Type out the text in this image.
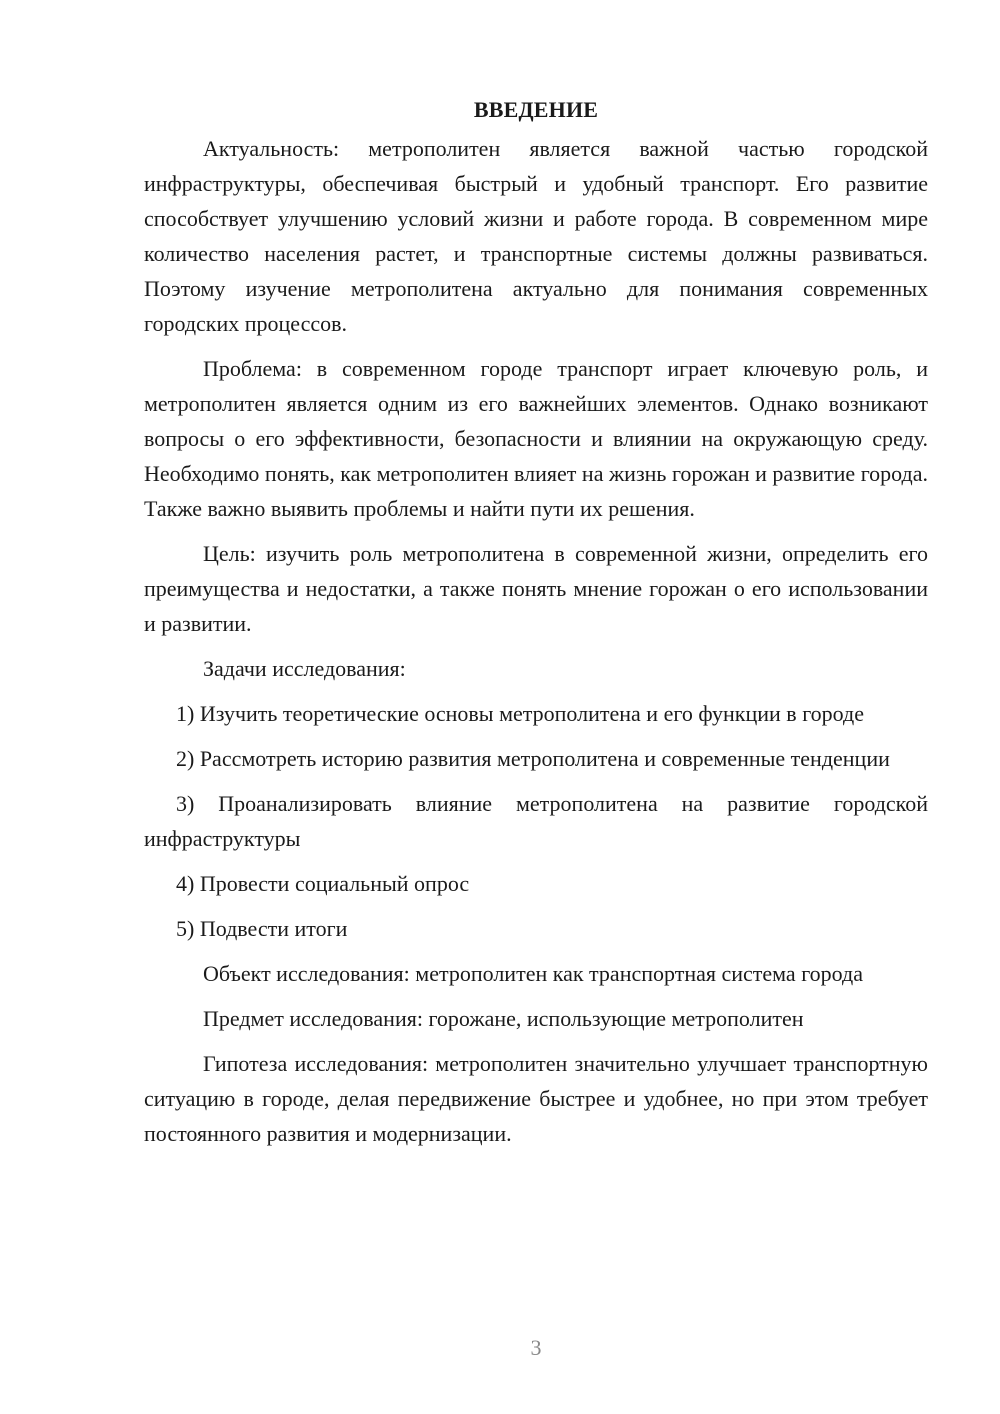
ВВЕДЕНИЕ

Актуальность: метрополитен является важной частью городской инфраструктуры, обеспечивая быстрый и удобный транспорт. Его развитие способствует улучшению условий жизни и работе города. В современном мире количество населения растет, и транспортные системы должны развиваться. Поэтому изучение метрополитена актуально для понимания современных городских процессов.

Проблема: в современном городе транспорт играет ключевую роль, и метрополитен является одним из его важнейших элементов. Однако возникают вопросы о его эффективности, безопасности и влиянии на окружающую среду. Необходимо понять, как метрополитен влияет на жизнь горожан и развитие города. Также важно выявить проблемы и найти пути их решения.

Цель: изучить роль метрополитена в современной жизни, определить его преимущества и недостатки, а также понять мнение горожан о его использовании и развитии.

Задачи исследования:

1) Изучить теоретические основы метрополитена и его функции в городе

2) Рассмотреть историю развития метрополитена и современные тенденции

3) Проанализировать влияние метрополитена на развитие городской инфраструктуры

4) Провести социальный опрос

5) Подвести итоги

Объект исследования: метрополитен как транспортная система города

Предмет исследования: горожане, использующие метрополитен

Гипотеза исследования: метрополитен значительно улучшает транспортную ситуацию в городе, делая передвижение быстрее и удобнее, но при этом требует постоянного развития и модернизации.

3
